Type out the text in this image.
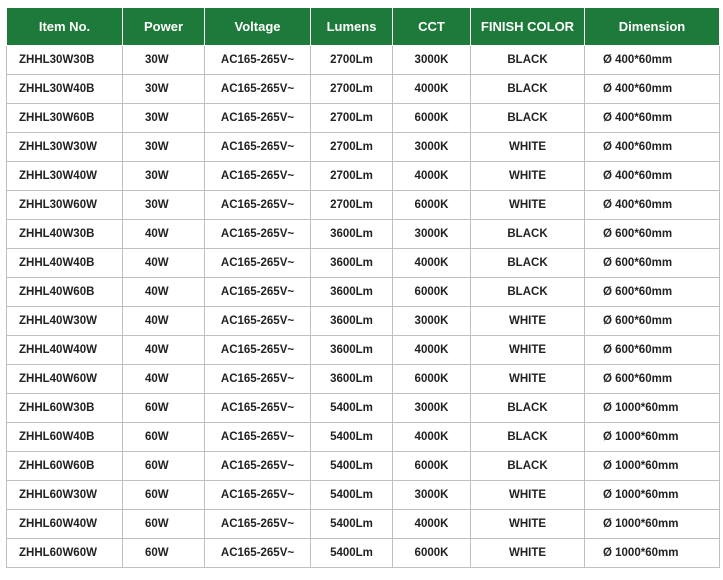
Item No.	Power	Voltage	Lumens	CCT	FINISH COLOR	Dimension
ZHHL30W30B	30W	AC165-265V~	2700Lm	3000K	BLACK	Ø 400*60mm
ZHHL30W40B	30W	AC165-265V~	2700Lm	4000K	BLACK	Ø 400*60mm
ZHHL30W60B	30W	AC165-265V~	2700Lm	6000K	BLACK	Ø 400*60mm
ZHHL30W30W	30W	AC165-265V~	2700Lm	3000K	WHITE	Ø 400*60mm
ZHHL30W40W	30W	AC165-265V~	2700Lm	4000K	WHITE	Ø 400*60mm
ZHHL30W60W	30W	AC165-265V~	2700Lm	6000K	WHITE	Ø 400*60mm
ZHHL40W30B	40W	AC165-265V~	3600Lm	3000K	BLACK	Ø 600*60mm
ZHHL40W40B	40W	AC165-265V~	3600Lm	4000K	BLACK	Ø 600*60mm
ZHHL40W60B	40W	AC165-265V~	3600Lm	6000K	BLACK	Ø 600*60mm
ZHHL40W30W	40W	AC165-265V~	3600Lm	3000K	WHITE	Ø 600*60mm
ZHHL40W40W	40W	AC165-265V~	3600Lm	4000K	WHITE	Ø 600*60mm
ZHHL40W60W	40W	AC165-265V~	3600Lm	6000K	WHITE	Ø 600*60mm
ZHHL60W30B	60W	AC165-265V~	5400Lm	3000K	BLACK	Ø 1000*60mm
ZHHL60W40B	60W	AC165-265V~	5400Lm	4000K	BLACK	Ø 1000*60mm
ZHHL60W60B	60W	AC165-265V~	5400Lm	6000K	BLACK	Ø 1000*60mm
ZHHL60W30W	60W	AC165-265V~	5400Lm	3000K	WHITE	Ø 1000*60mm
ZHHL60W40W	60W	AC165-265V~	5400Lm	4000K	WHITE	Ø 1000*60mm
ZHHL60W60W	60W	AC165-265V~	5400Lm	6000K	WHITE	Ø 1000*60mm
